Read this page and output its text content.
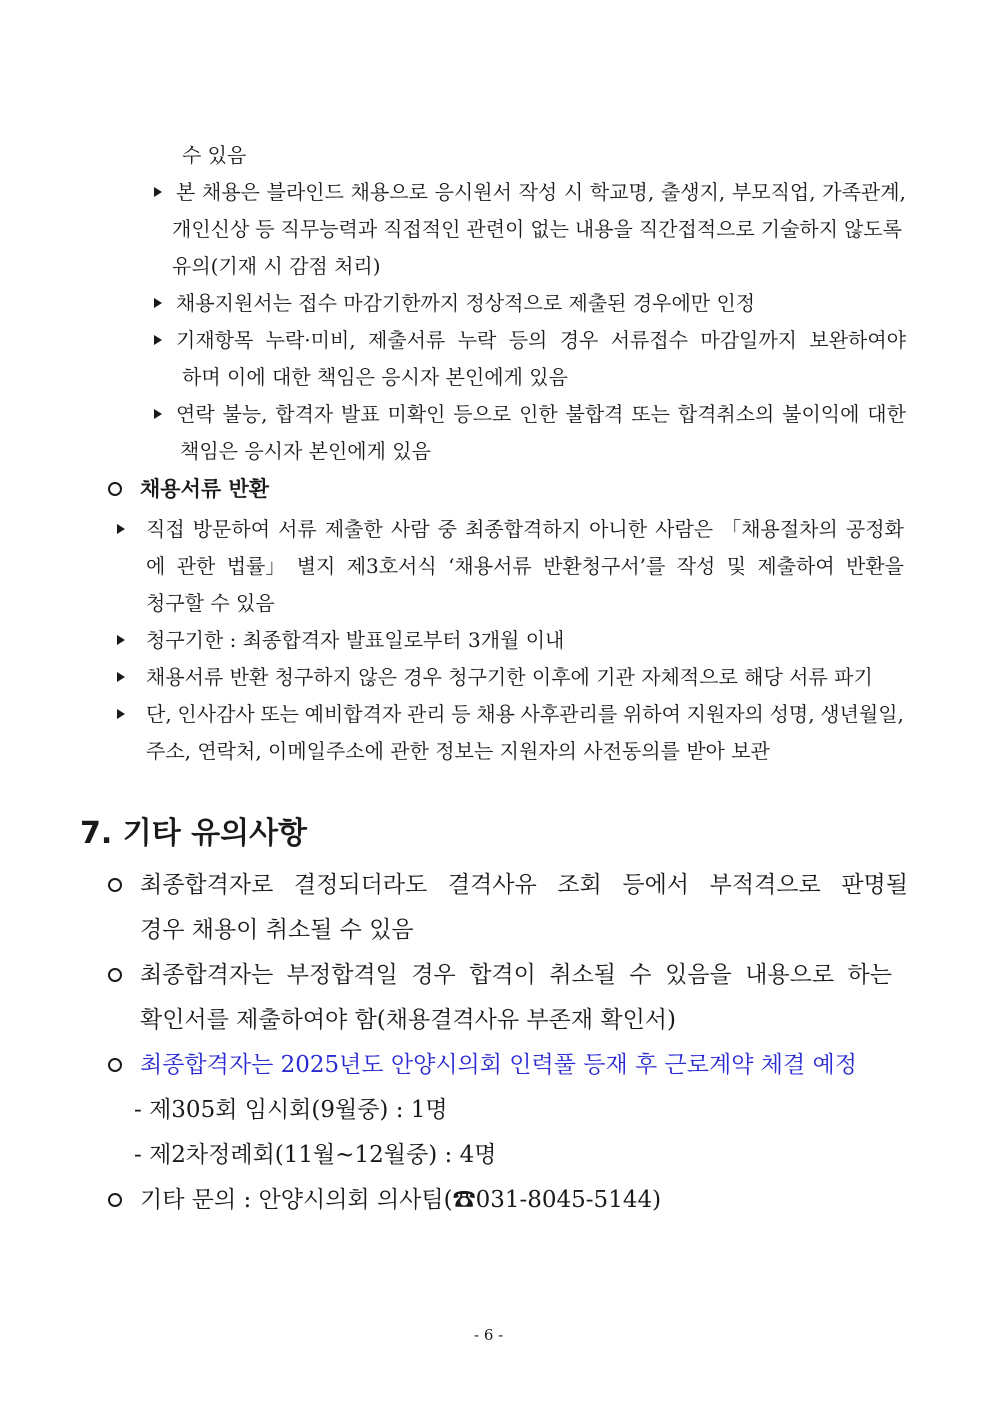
수 있음
본 채용은 블라인드 채용으로 응시원서 작성 시 학교명, 출생지, 부모직업, 가족관계,
개인신상 등 직무능력과 직접적인 관련이 없는 내용을 직간접적으로 기술하지 않도록
유의(기재 시 감점 처리)
채용지원서는 접수 마감기한까지 정상적으로 제출된 경우에만 인정
기재항목 누락·미비, 제출서류 누락 등의 경우 서류접수 마감일까지 보완하여야
하며 이에 대한 책임은 응시자 본인에게 있음
연락 불능, 합격자 발표 미확인 등으로 인한 불합격 또는 합격취소의 불이익에 대한
책임은 응시자 본인에게 있음
채용서류 반환
직접 방문하여 서류 제출한 사람 중 최종합격하지 아니한 사람은 「채용절차의 공정화
에 관한 법률」 별지 제3호서식 ‘채용서류 반환청구서’를 작성 및 제출하여 반환을
청구할 수 있음
청구기한 : 최종합격자 발표일로부터 3개월 이내
채용서류 반환 청구하지 않은 경우 청구기한 이후에 기관 자체적으로 해당 서류 파기
단, 인사감사 또는 예비합격자 관리 등 채용 사후관리를 위하여 지원자의 성명, 생년월일,
주소, 연락처, 이메일주소에 관한 정보는 지원자의 사전동의를 받아 보관
7. 기타 유의사항
최종합격자로 결정되더라도 결격사유 조회 등에서 부적격으로 판명될
경우 채용이 취소될 수 있음
최종합격자는 부정합격일 경우 합격이 취소될 수 있음을 내용으로 하는
확인서를 제출하여야 함(채용결격사유 부존재 확인서)
최종합격자는 2025년도 안양시의회 인력풀 등재 후 근로계약 체결 예정
- 제305회 임시회(9월중) : 1명
- 제2차정례회(11월~12월중) : 4명
기타 문의 : 안양시의회 의사팀(☎031-8045-5144)
- 6 -
